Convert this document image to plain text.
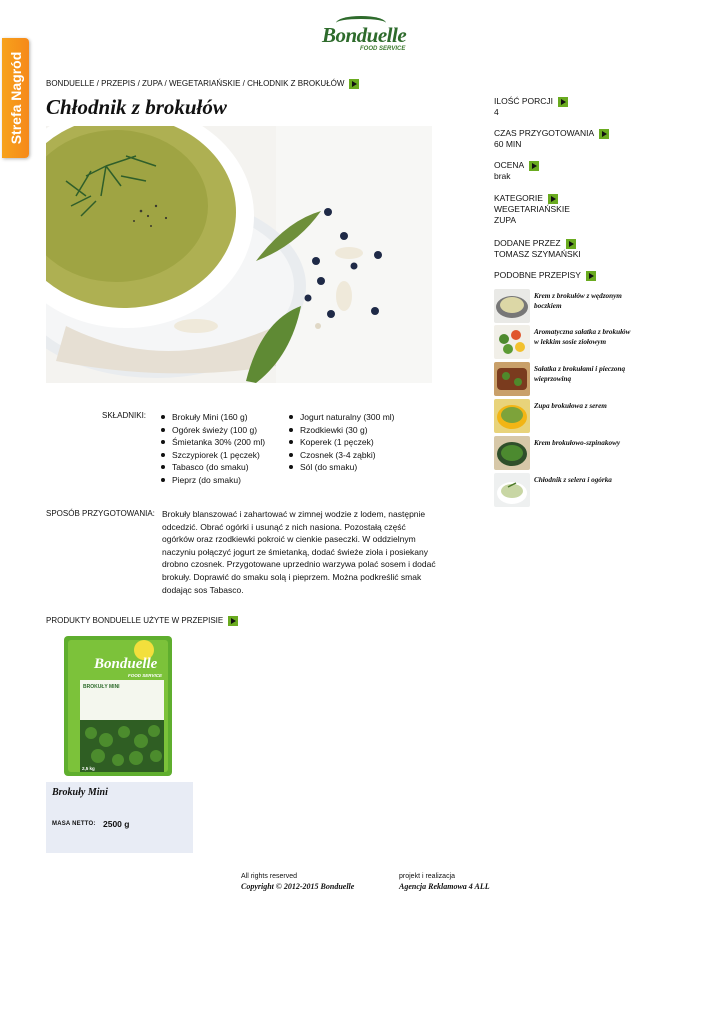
Strefa Nagród
Bonduelle
FOOD SERVICE
BONDUELLE / PRZEPIS / ZUPA / WEGETARIAŃSKIE / CHŁODNIK Z BROKUŁÓW
Chłodnik z brokułów	ILOŚĆ PORCJI
4
CZAS PRZYGOTOWANIA
60 MIN
OCENA
brak
KATEGORIE
WEGETARIAŃSKIE
ZUPA
DODANE PRZEZ
TOMASZ SZYMAŃSKI
PODOBNE PRZEPISY
Krem z brokułów z wędzonym boczkiem
Aromatyczna sałatka z brokułów w lekkim sosie ziołowym
Sałatka z brokułami i pieczoną wieprzowiną
Zupa brokułowa z serem
Krem brokułowo-szpinakowy
Chłodnik z selera i ogórka
SKŁADNIKI:	Brokuły Mini (160 g)
Ogórek świeży (100 g)
Śmietanka 30% (200 ml)
Szczypiorek (1 pęczek)
Tabasco (do smaku)
Pieprz (do smaku)
Jogurt naturalny (300 ml)
Rzodkiewki (30 g)
Koperek (1 pęczek)
Czosnek (3-4 ząbki)
Sól (do smaku)
SPOSÓB PRZYGOTOWANIA: Brokuły blanszować i zahartować w zimnej wodzie z lodem, następnie odcedzić. Obrać ogórki i usunąć z nich nasiona. Pozostałą część ogórków oraz rzodkiewki pokroić w cienkie paseczki. W oddzielnym naczyniu połączyć jogurt ze śmietanką, dodać świeże zioła i posiekany drobno czosnek. Przygotowane uprzednio warzywa polać sosem i dodać brokuły. Doprawić do smaku solą i pieprzem. Można podkreślić smak dodając sos Tabasco.
PRODUKTY BONDUELLE UŻYTE W PRZEPISIE
Bonduelle
FOOD SERVICE
BROKUŁY MINI
DO GOTOWANIA
2,5 kg
Brokuły Mini
MASA NETTO: 2500 g
All rights reserved
Copyright © 2012-2015 Bonduelle
projekt i realizacja
Agencja Reklamowa 4 ALL
